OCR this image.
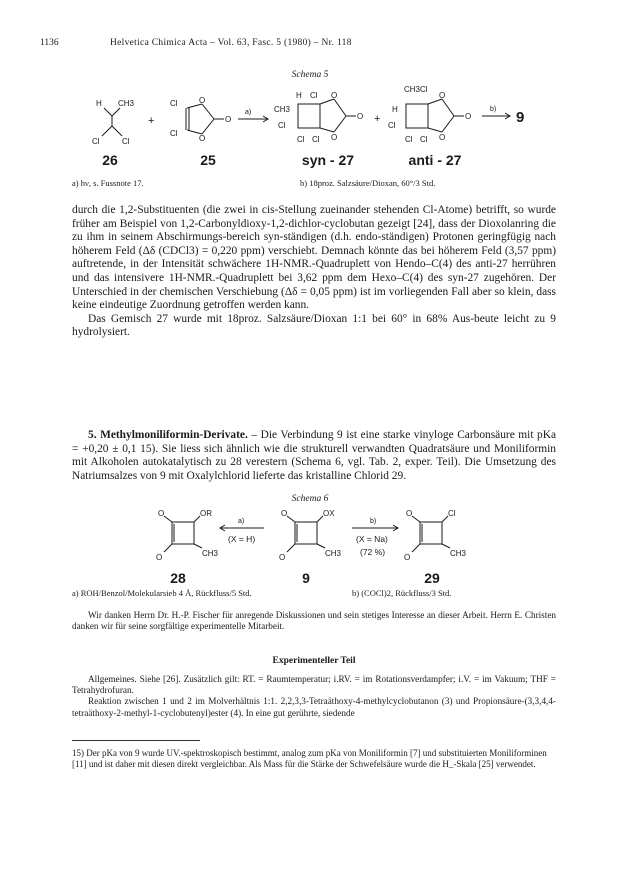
1136	Helvetica Chimica Acta – Vol. 63, Fasc. 5 (1980) – Nr. 118
Schema 5
H CH3
Cl	Cl
+
Cl
Cl
O
O
O
a)
H Cl
CH3
Cl
Cl Cl
O
O
O +
CH3 Cl
H
Cl
Cl Cl
O
O
O
b) 9
26	25	syn - 27	anti - 27
a) hν, s. Fussnote 17.	b) 18proz. Salzsäure/Dioxan, 60°/3 Std.

durch die 1,2-Substituenten (die zwei in cis-Stellung zueinander stehenden Cl-Atome) betrifft, so wurde früher am Beispiel von 1,2-Carbonyldioxy-1,2-dichlor-cyclobutan gezeigt [24], dass der Dioxolanring die zu ihm in seinem Abschirmungs-bereich syn-ständigen (d.h. endo-ständigen) Protonen geringfügig nach höherem Feld (Δδ (CDCl3) = 0,220 ppm) verschiebt. Demnach könnte das bei höherem Feld (3,57 ppm) auftretende, in der Intensität schwächere 1H-NMR.-Quadruplett von Hendo–C(4) des anti-27 herrühren und das intensivere 1H-NMR.-Quadruplett bei 3,62 ppm dem Hexo–C(4) des syn-27 zugehören. Der Unterschied in der chemischen Verschiebung (Δδ = 0,05 ppm) ist im vorliegenden Fall aber so klein, dass keine eindeutige Zuordnung getroffen werden kann.

Das Gemisch 27 wurde mit 18proz. Salzsäure/Dioxan 1:1 bei 60° in 68% Aus-beute leicht zu 9 hydrolysiert.

5. Methylmoniliformin-Derivate. – Die Verbindung 9 ist eine starke vinyloge Carbonsäure mit pKa = +0,20 ± 0,1 15). Sie liess sich ähnlich wie die strukturell verwandten Quadratsäure und Moniliformin mit Alkoholen autokatalytisch zu 28 verestern (Schema 6, vgl. Tab. 2, exper. Teil). Die Umsetzung des Natriumsalzes von 9 mit Oxalylchlorid lieferte das kristalline Chlorid 29.

Schema 6
O	OR
O	CH3
a)
(X = H)
O	OX
O	CH3
b)
(X = Na)
(72 %)
O	Cl
O	CH3
28	9	29
a) ROH/Benzol/Molekularsieb 4 Å, Rückfluss/5 Std.	b) (COCl)2, Rückfluss/3 Std.
Wir danken Herrn Dr. H.-P. Fischer für anregende Diskussionen und sein stetiges Interesse an dieser Arbeit. Herrn E. Christen danken wir für seine sorgfältige experimentelle Mitarbeit.
Experimenteller Teil

Allgemeines. Siehe [26]. Zusätzlich gilt: RT. = Raumtemperatur; i.RV. = im Rotationsverdampfer; i.V. = im Vakuum; THF = Tetrahydrofuran.

Reaktion zwischen 1 und 2 im Molverhältnis 1:1. 2,2,3,3-Tetraäthoxy-4-methylcyclobutanon (3) und Propionsäure-(3,3,4,4-tetraäthoxy-2-methyl-1-cyclobutenyl)ester (4). In eine gut gerührte, siedende

15) Der pKa von 9 wurde UV.-spektroskopisch bestimmt, analog zum pKa von Moniliformin [7] und substituierten Moniliforminen [11] und ist daher mit diesen direkt vergleichbar. Als Mass für die Stärke der Schwefelsäure wurde die H_-Skala [25] verwendet.
